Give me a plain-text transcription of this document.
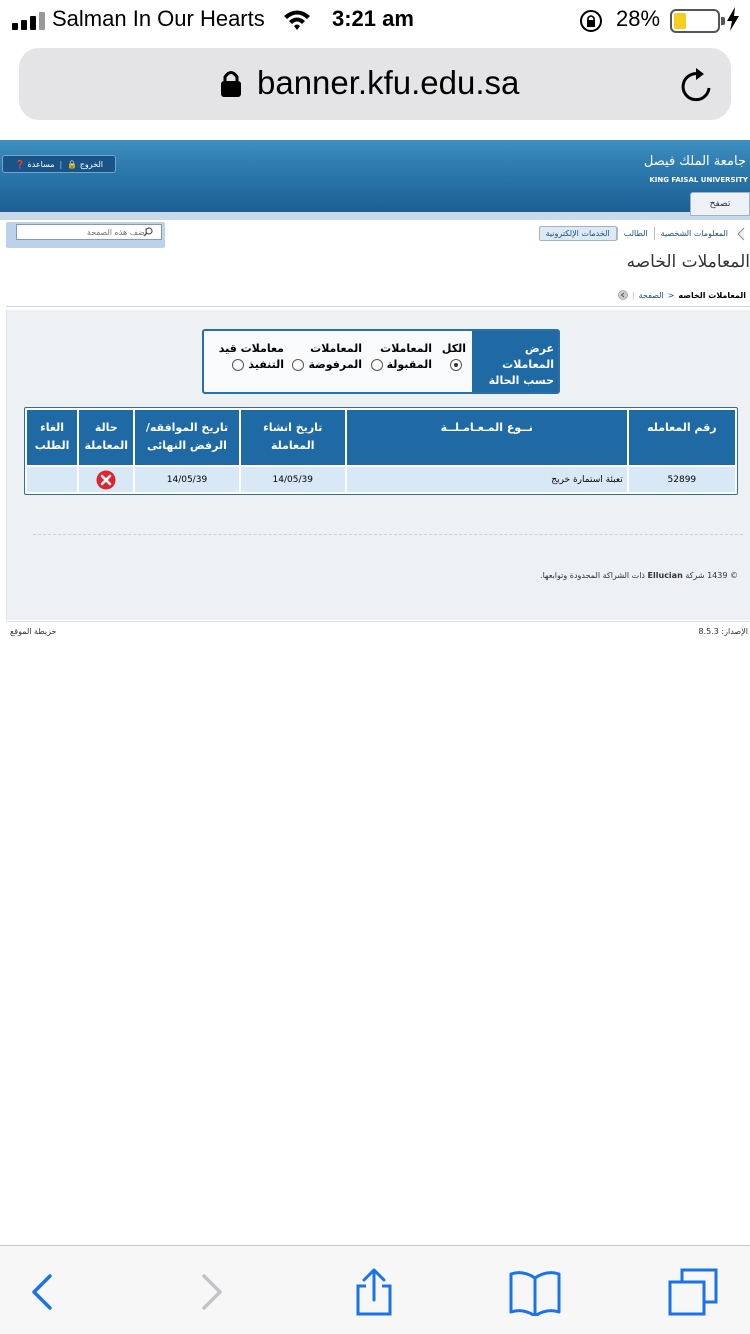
Salman In Our Hearts	3:21 am	28%
banner.kfu.edu.sa
جامعة الملك فيصل
KING FAISAL UNIVERSITY
❓ مساعدة | 🔒 الخروج
تصفح
أضف هذه الصفحة
المعلومات الشخصية
الطالب
الخدمات الإلكترونية
المعاملات الخاصه
| الصفحة > المعاملات الخاصه
عرض المعاملات حسب الحالة
الكل
المعاملات
المقبولة
المعاملات
المرفوضة
معاملات قيد
التنفيذ
رقم المعامله	نــوع المـعـامـلــة	تاريخ انشاء المعاملة	تاريخ الموافقه/ الرفض النهائى	حالة المعاملة	الغاء الطلب
52899	تعبئة استمارة خريج	14/05/39	14/05/39		
© 1439 شركة Ellucian ذات الشراكة المحدودة وتوابعها.
الإصدار: 8.5.3
خريطة الموقع
